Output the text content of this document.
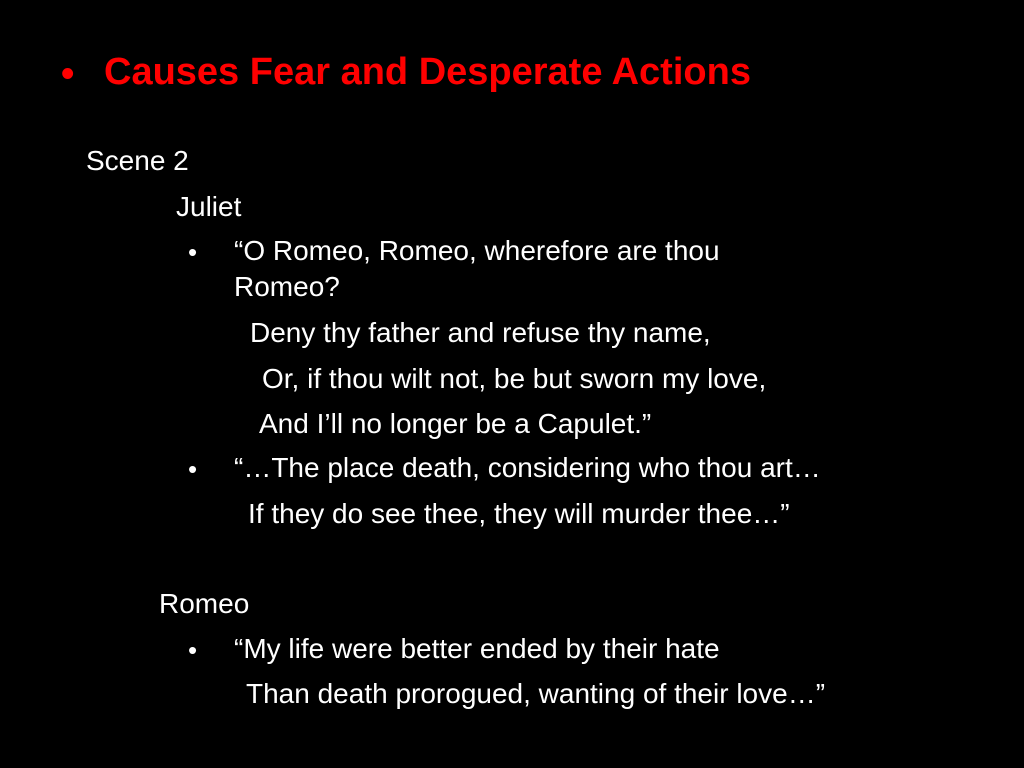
• Causes Fear and Desperate Actions
Scene 2
Juliet
• “O Romeo, Romeo, wherefore are thou
Romeo?
Deny thy father and refuse thy name,
Or, if thou wilt not, be but sworn my love,
And I’ll no longer be a Capulet.”
• “…The place death, considering who thou art…
If they do see thee, they will murder thee…”
Romeo
• “My life were better ended by their hate
Than death prorogued, wanting of their love…”
